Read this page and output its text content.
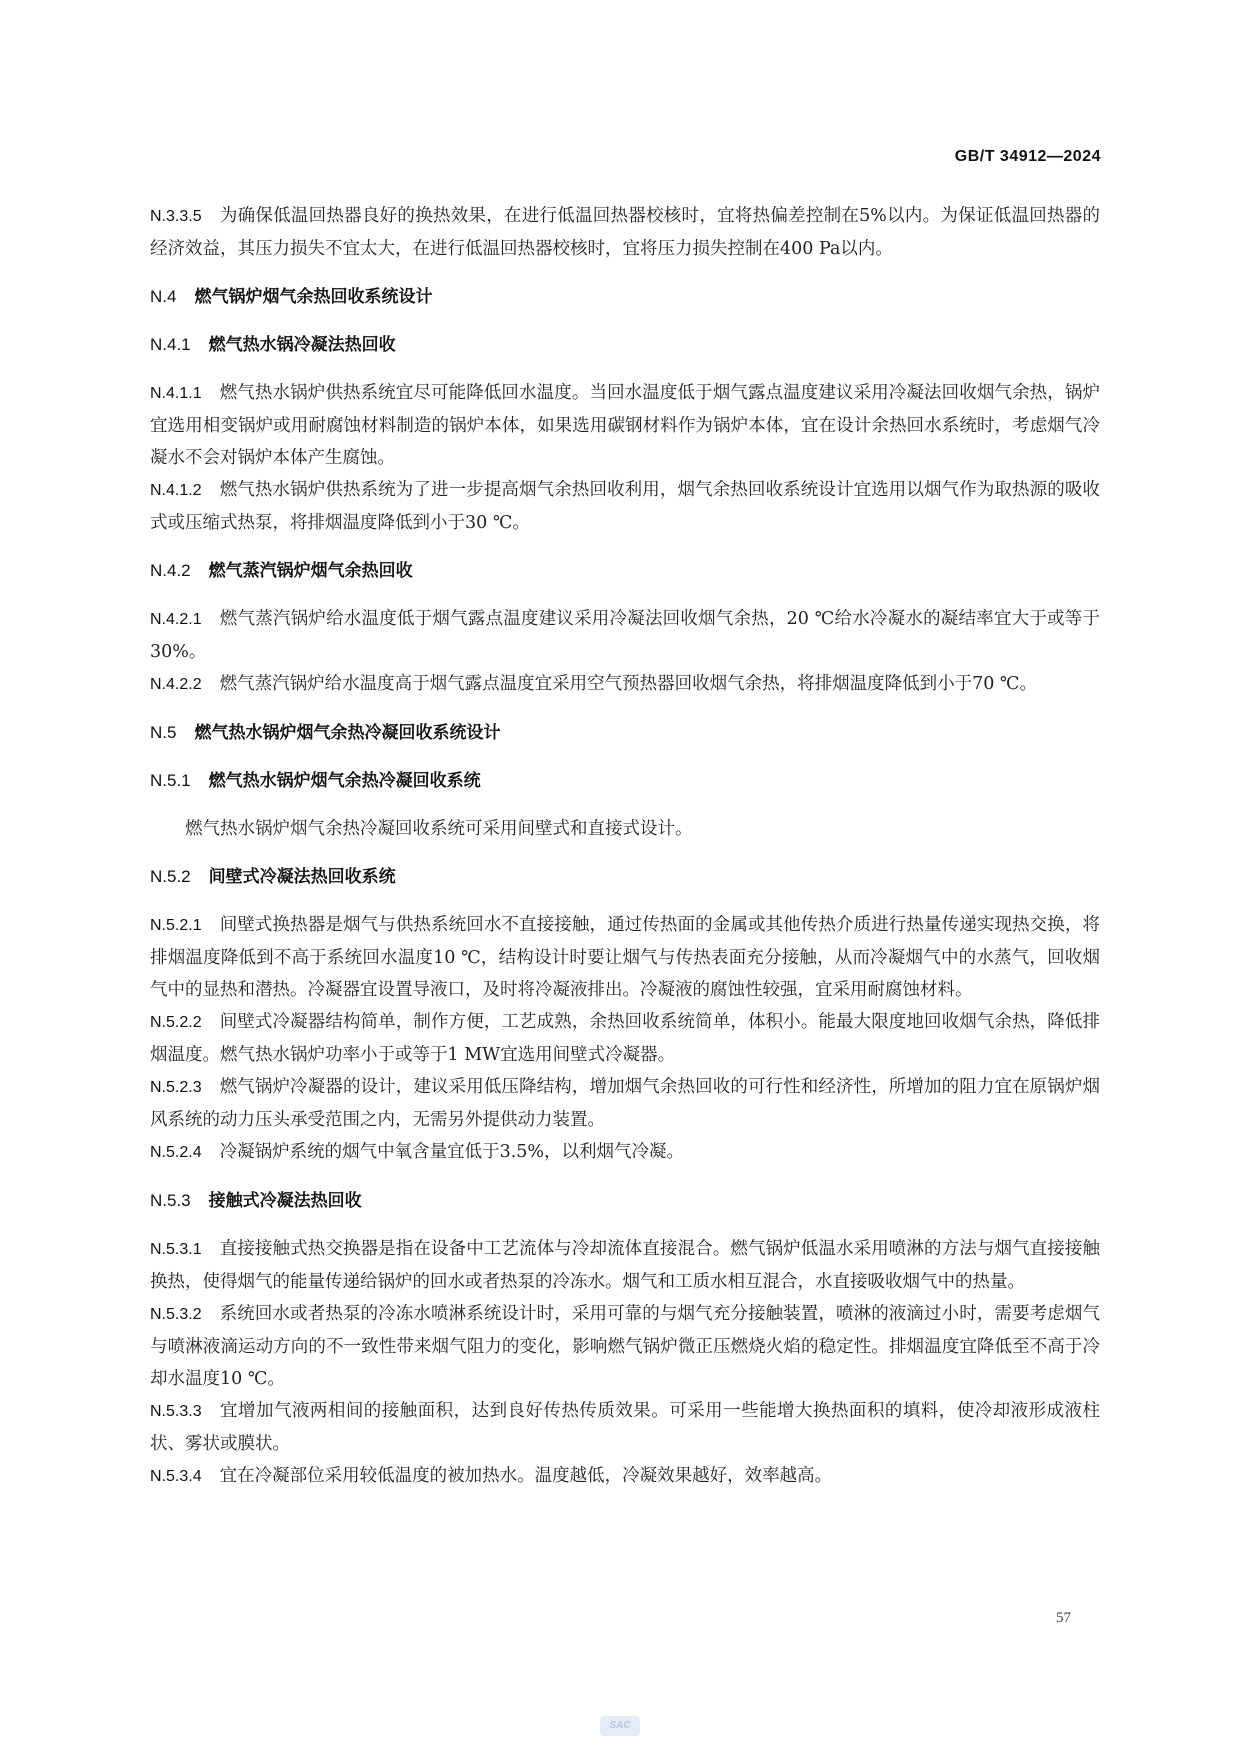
GB/T 34912—2024

N.3.3.5 为确保低温回热器良好的换热效果，在进行低温回热器校核时，宜将热偏差控制在5%以内。为保证低温回热器的经济效益，其压力损失不宜太大，在进行低温回热器校核时，宜将压力损失控制在400 Pa以内。

N.4 燃气锅炉烟气余热回收系统设计
N.4.1 燃气热水锅冷凝法热回收

N.4.1.1 燃气热水锅炉供热系统宜尽可能降低回水温度。当回水温度低于烟气露点温度建议采用冷凝法回收烟气余热，锅炉宜选用相变锅炉或用耐腐蚀材料制造的锅炉本体，如果选用碳钢材料作为锅炉本体，宜在设计余热回水系统时，考虑烟气冷凝水不会对锅炉本体产生腐蚀。

N.4.1.2 燃气热水锅炉供热系统为了进一步提高烟气余热回收利用，烟气余热回收系统设计宜选用以烟气作为取热源的吸收式或压缩式热泵，将排烟温度降低到小于30 ℃。

N.4.2 燃气蒸汽锅炉烟气余热回收

N.4.2.1 燃气蒸汽锅炉给水温度低于烟气露点温度建议采用冷凝法回收烟气余热，20 ℃给水冷凝水的凝结率宜大于或等于30%。

N.4.2.2 燃气蒸汽锅炉给水温度高于烟气露点温度宜采用空气预热器回收烟气余热，将排烟温度降低到小于70 ℃。

N.5 燃气热水锅炉烟气余热冷凝回收系统设计
N.5.1 燃气热水锅炉烟气余热冷凝回收系统

燃气热水锅炉烟气余热冷凝回收系统可采用间壁式和直接式设计。

N.5.2 间壁式冷凝法热回收系统

N.5.2.1 间壁式换热器是烟气与供热系统回水不直接接触，通过传热面的金属或其他传热介质进行热量传递实现热交换，将排烟温度降低到不高于系统回水温度10 ℃，结构设计时要让烟气与传热表面充分接触，从而冷凝烟气中的水蒸气，回收烟气中的显热和潜热。冷凝器宜设置导液口，及时将冷凝液排出。冷凝液的腐蚀性较强，宜采用耐腐蚀材料。

N.5.2.2 间壁式冷凝器结构简单，制作方便，工艺成熟，余热回收系统简单，体积小。能最大限度地回收烟气余热，降低排烟温度。燃气热水锅炉功率小于或等于1 MW宜选用间壁式冷凝器。

N.5.2.3 燃气锅炉冷凝器的设计，建议采用低压降结构，增加烟气余热回收的可行性和经济性，所增加的阻力宜在原锅炉烟风系统的动力压头承受范围之内，无需另外提供动力装置。

N.5.2.4 冷凝锅炉系统的烟气中氧含量宜低于3.5%，以利烟气冷凝。

N.5.3 接触式冷凝法热回收

N.5.3.1 直接接触式热交换器是指在设备中工艺流体与冷却流体直接混合。燃气锅炉低温水采用喷淋的方法与烟气直接接触换热，使得烟气的能量传递给锅炉的回水或者热泵的冷冻水。烟气和工质水相互混合，水直接吸收烟气中的热量。

N.5.3.2 系统回水或者热泵的冷冻水喷淋系统设计时，采用可靠的与烟气充分接触装置，喷淋的液滴过小时，需要考虑烟气与喷淋液滴运动方向的不一致性带来烟气阻力的变化，影响燃气锅炉微正压燃烧火焰的稳定性。排烟温度宜降低至不高于冷却水温度10 ℃。

N.5.3.3 宜增加气液两相间的接触面积，达到良好传热传质效果。可采用一些能增大换热面积的填料，使冷却液形成液柱状、雾状或膜状。

N.5.3.4 宜在冷凝部位采用较低温度的被加热水。温度越低，冷凝效果越好，效率越高。

57
SAC
